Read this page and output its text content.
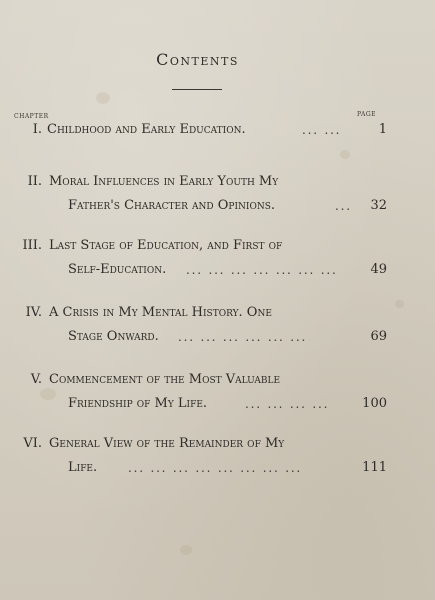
Contents
chapter	page
I. Childhood and Early Education.	... ...	1
II. Moral Influences in Early Youth My
Father's Character and Opinions.	... 32
III. Last Stage of Education, and First of
Self-Education. ... ... ... ... ... ... ...	49
IV. A Crisis in My Mental History. One
Stage Onward. ... ... ... ... ... ...	69
V. Commencement of the Most Valuable
Friendship of My Life.	... ... ... ...	100
VI. General View of the Remainder of My
Life.	... ... ... ... ... ... ... ...	111
